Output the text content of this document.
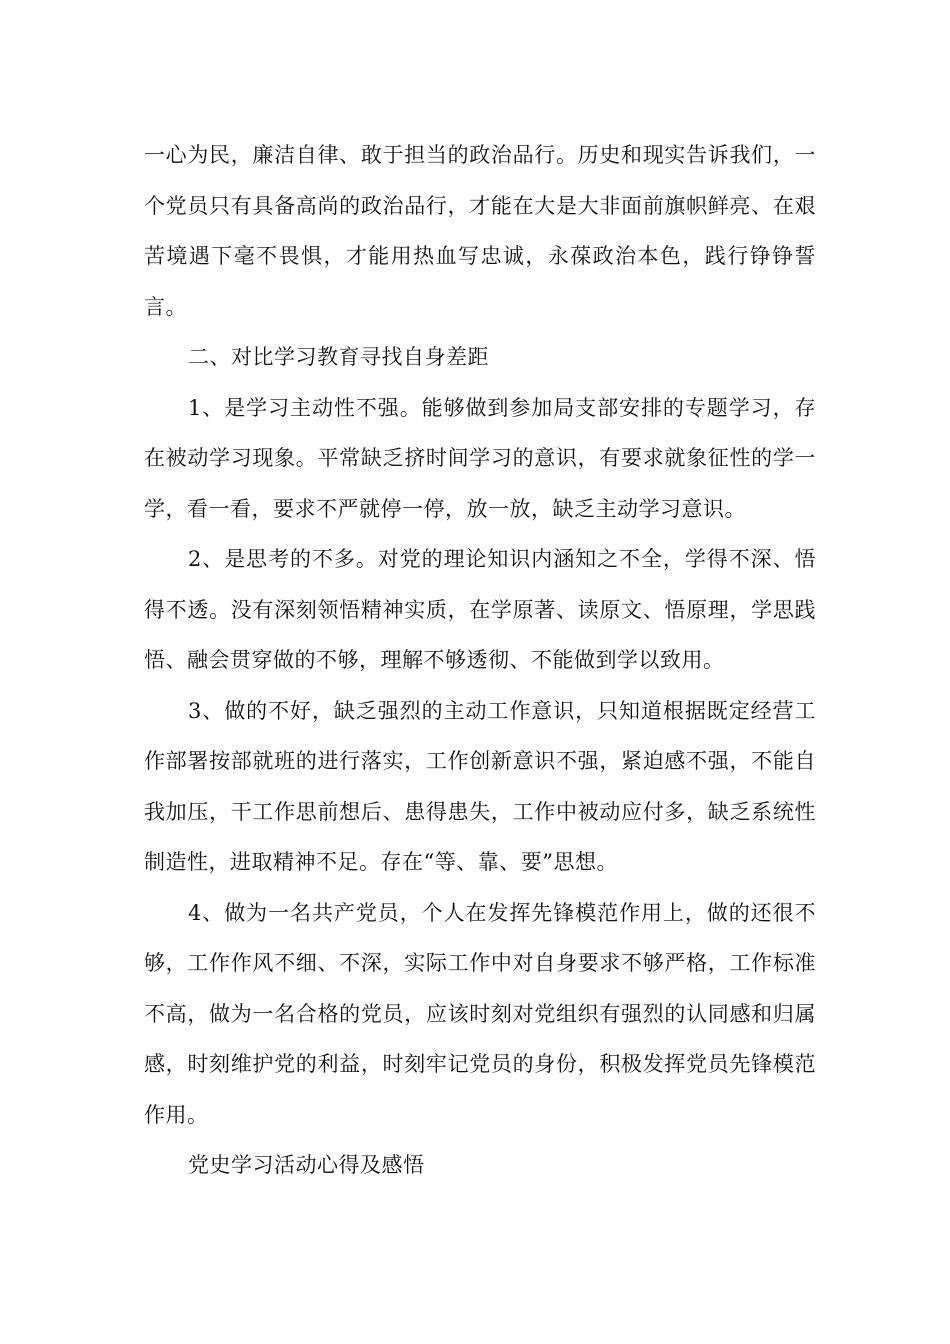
一心为民，廉洁自律、敢于担当的政治品行。历史和现实告诉我们，一个党员只有具备高尚的政治品行，才能在大是大非面前旗帜鲜亮、在艰苦境遇下毫不畏惧，才能用热血写忠诚，永葆政治本色，践行铮铮誓言。

二、对比学习教育寻找自身差距

1、是学习主动性不强。能够做到参加局支部安排的专题学习，存在被动学习现象。平常缺乏挤时间学习的意识，有要求就象征性的学一学，看一看，要求不严就停一停，放一放，缺乏主动学习意识。

2、是思考的不多。对党的理论知识内涵知之不全，学得不深、悟得不透。没有深刻领悟精神实质，在学原著、读原文、悟原理，学思践悟、融会贯穿做的不够，理解不够透彻、不能做到学以致用。

3、做的不好，缺乏强烈的主动工作意识，只知道根据既定经营工作部署按部就班的进行落实，工作创新意识不强，紧迫感不强，不能自我加压，干工作思前想后、患得患失，工作中被动应付多，缺乏系统性制造性，进取精神不足。存在“等、靠、要”思想。

4、做为一名共产党员，个人在发挥先锋模范作用上，做的还很不够，工作作风不细、不深，实际工作中对自身要求不够严格，工作标准不高，做为一名合格的党员，应该时刻对党组织有强烈的认同感和归属感，时刻维护党的利益，时刻牢记党员的身份，积极发挥党员先锋模范作用。

党史学习活动心得及感悟
